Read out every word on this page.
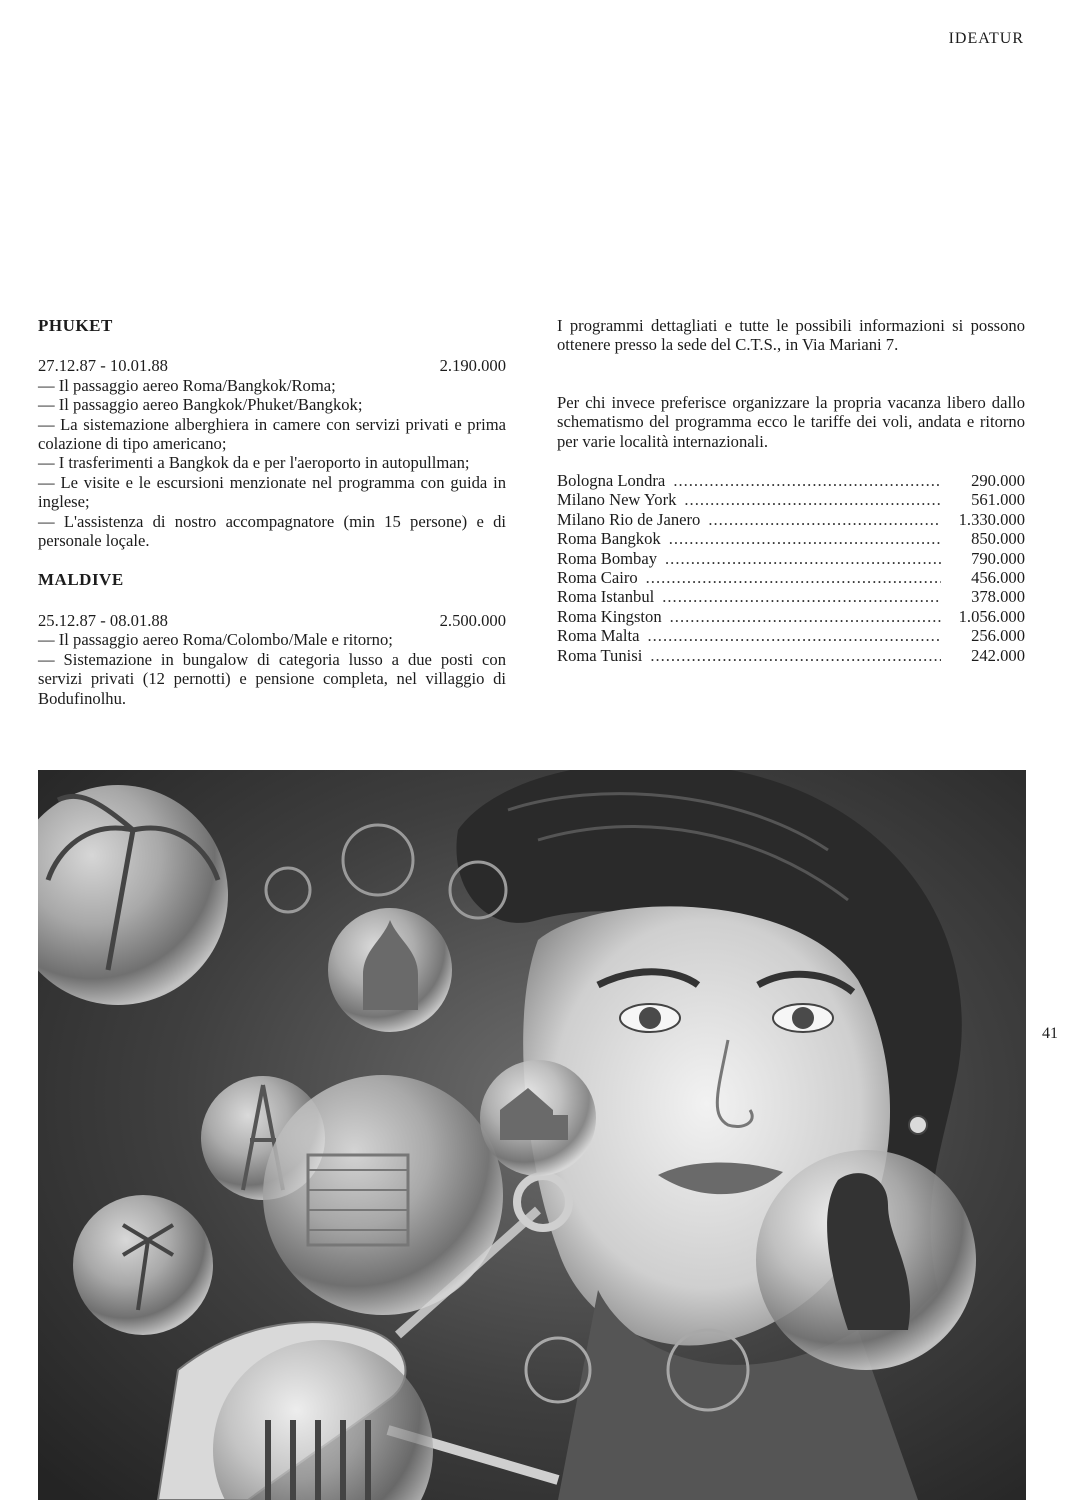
IDEATUR
PHUKET
27.12.87 - 10.01.88	2.190.000

— Il passaggio aereo Roma/Bangkok/Roma;

— Il passaggio aereo Bangkok/Phuket/Bangkok;

— La sistemazione alberghiera in camere con servizi privati e prima colazione di tipo americano;

— I trasferimenti a Bangkok da e per l'aeroporto in autopullman;

— Le visite e le escursioni menzionate nel programma con guida in inglese;

— L'assistenza di nostro accompagnatore (min 15 persone) e di personale loçale.

MALDIVE
25.12.87 - 08.01.88	2.500.000

— Il passaggio aereo Roma/Colombo/Male e ritorno;

— Sistemazione in bungalow di categoria lusso a due posti con servizi privati (12 pernotti) e pensione completa, nel villaggio di Bodufinolhu.

I programmi dettagliati e tutte le possibili informazioni si possono ottenere presso la sede del C.T.S., in Via Mariani 7.

Per chi invece preferisce organizzare la propria vacanza libero dallo schematismo del programma ecco le tariffe dei voli, andata e ritorno per varie località internazionali.

Bologna Londra .....	290.000
Milano New York .....	561.000
Milano Rio de Janero .....	1.330.000
Roma Bangkok .....	850.000
Roma Bombay .....	790.000
Roma Cairo .....	456.000
Roma Istanbul .....	378.000
Roma Kingston .....	1.056.000
Roma Malta .....	256.000
Roma Tunisi .....	242.000
41
